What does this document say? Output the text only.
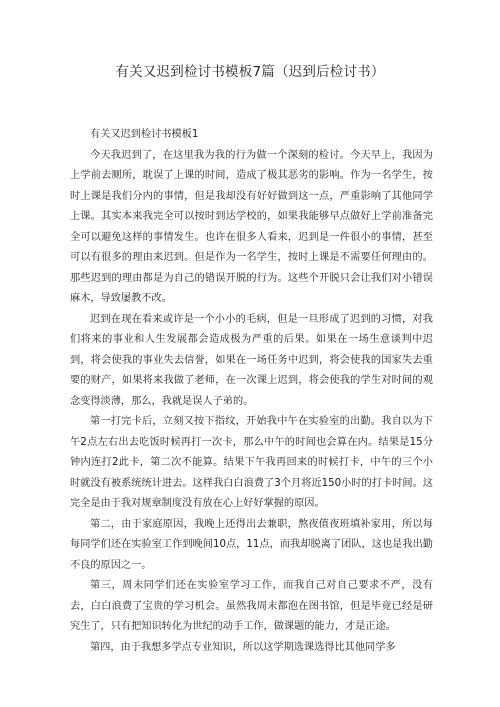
有关又迟到检讨书模板7篇（迟到后检讨书）

有关又迟到检讨书模板1

今天我迟到了，在这里我为我的行为做一个深刻的检讨。今天早上，我因为上学前去厕所，耽误了上课的时间，造成了极其恶劣的影响。作为一名学生，按时上课是我们分内的事情，但是我却没有好好做到这一点，严重影响了其他同学上课。其实本来我完全可以按时到达学校的，如果我能够早点做好上学前准备完全可以避免这样的事情发生。也许在很多人看来，迟到是一件很小的事情，甚至可以有很多的理由来迟到。但是作为一名学生，按时上课是不需要任何理由的。那些迟到的理由都是为自己的错误开脱的行为。这些个开脱只会让我们对小错误麻木，导致屡教不改。

迟到在现在看来或许是一个小小的毛病，但是一旦形成了迟到的习惯，对我们将来的事业和人生发展都会造成极为严重的后果。如果在一场生意谈判中迟到，将会使我的事业失去信誉，如果在一场任务中迟到，将会使我的国家失去重要的财产，如果将来我做了老师，在一次课上迟到，将会使我的学生对时间的观念变得淡薄，那么，我就是误人子弟的。

第一打完卡后，立刻又按下指纹，开始我中午在实验室的出勤。我自以为下午2点左右出去吃饭时候再打一次卡，那么中午的时间也会算在内。结果是15分钟内连打2此卡，第二次不能算。结果下午我再回来的时候打卡，中午的三个小时就没有被系统统计进去。这样我白白浪费了3个月将近150小时的打卡时间。这完全是由于我对规章制度没有放在心上好好掌握的原因。

第二，由于家庭原因，我晚上还得出去兼职，熬夜值夜班填补家用，所以每每同学们还在实验室工作到晚间10点，11点，而我却脱离了团队，这也是我出勤不良的原因之一。

第三，周末同学们还在实验室学习工作，而我自己对自己要求不严，没有去，白白浪费了宝贵的学习机会。虽然我周末都泡在图书馆，但是毕竟已经是研究生了，只有把知识转化为世纪的动手工作，做课题的能力，才是正途。

第四，由于我想多学点专业知识，所以这学期选课选得比其他同学多
